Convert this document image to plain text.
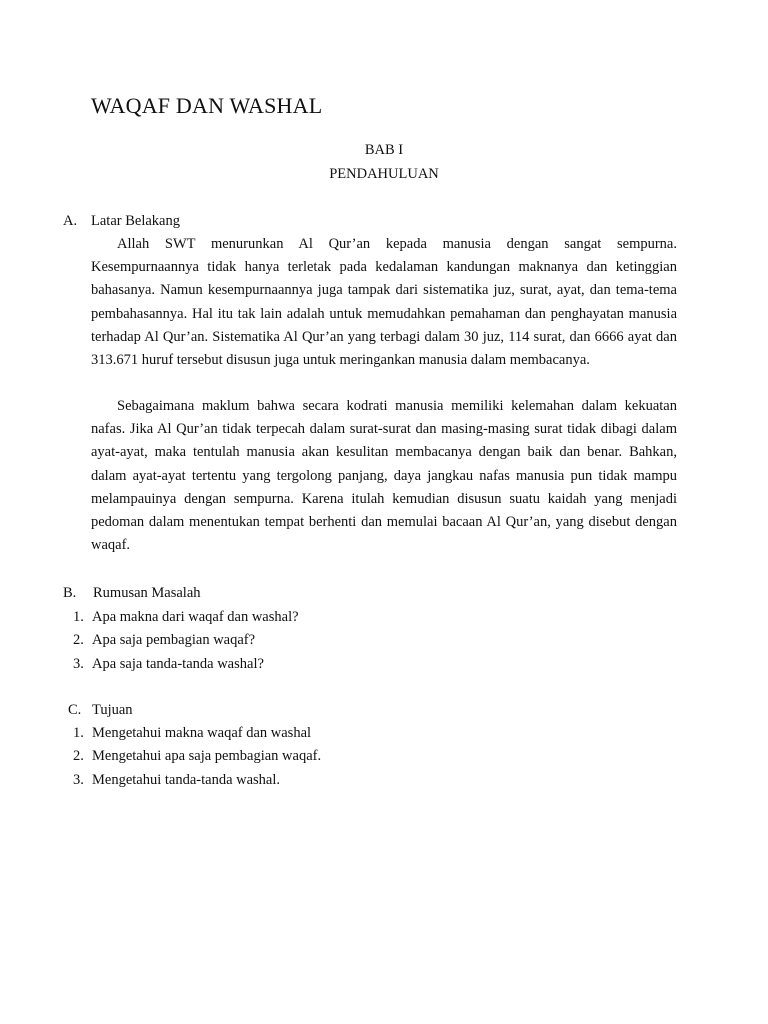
WAQAF DAN WASHAL
BAB I
PENDAHULUAN
A. Latar Belakang

Allah SWT menurunkan Al Qur’an kepada manusia dengan sangat sempurna. Kesempurnaannya tidak hanya terletak pada kedalaman kandungan maknanya dan ketinggian bahasanya. Namun kesempurnaannya juga tampak dari sistematika juz, surat, ayat, dan tema-tema pembahasannya. Hal itu tak lain adalah untuk memudahkan pemahaman dan penghayatan manusia terhadap Al Qur’an. Sistematika Al Qur’an yang terbagi dalam 30 juz, 114 surat, dan 6666 ayat dan 313.671 huruf tersebut disusun juga untuk meringankan manusia dalam membacanya.

Sebagaimana maklum bahwa secara kodrati manusia memiliki kelemahan dalam kekuatan nafas. Jika Al Qur’an tidak terpecah dalam surat-surat dan masing-masing surat tidak dibagi dalam ayat-ayat, maka tentulah manusia akan kesulitan membacanya dengan baik dan benar. Bahkan, dalam ayat-ayat tertentu yang tergolong panjang, daya jangkau nafas manusia pun tidak mampu melampauinya dengan sempurna. Karena itulah kemudian disusun suatu kaidah yang menjadi pedoman dalam menentukan tempat berhenti dan memulai bacaan Al Qur’an, yang disebut dengan waqaf.

B. Rumusan Masalah
1. Apa makna dari waqaf dan washal?
2. Apa saja pembagian waqaf?
3. Apa saja tanda-tanda washal?
C. Tujuan
1. Mengetahui makna waqaf dan washal
2. Mengetahui apa saja pembagian waqaf.
3. Mengetahui tanda-tanda washal.
